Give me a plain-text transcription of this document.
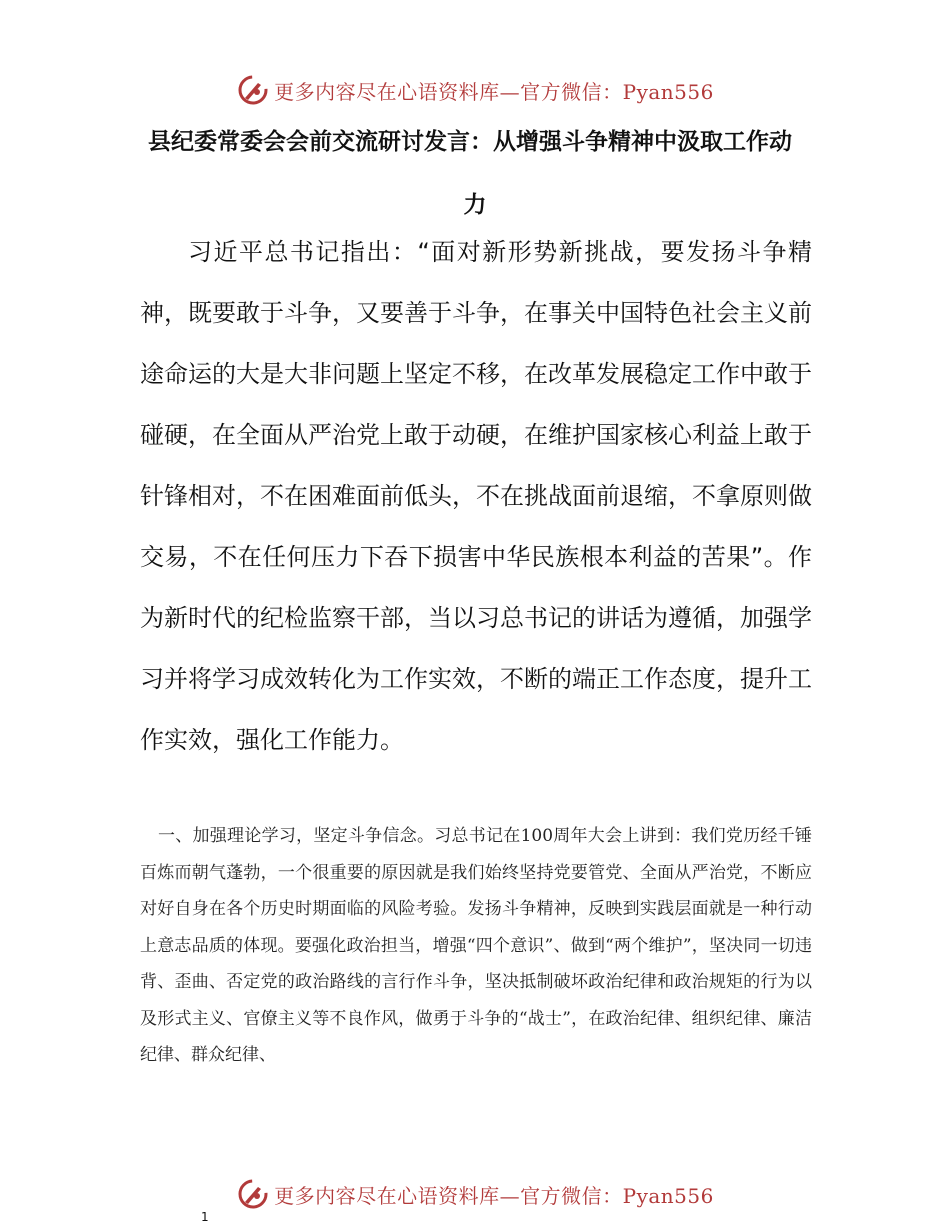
更多内容尽在心语资料库—官方微信：Pyan556
县纪委常委会会前交流研讨发言：从增强斗争精神中汲取工作动
力

习近平总书记指出：“面对新形势新挑战，要发扬斗争精神，既要敢于斗争，又要善于斗争，在事关中国特色社会主义前途命运的大是大非问题上坚定不移，在改革发展稳定工作中敢于碰硬，在全面从严治党上敢于动硬，在维护国家核心利益上敢于针锋相对，不在困难面前低头，不在挑战面前退缩，不拿原则做交易，不在任何压力下吞下损害中华民族根本利益的苦果”。作为新时代的纪检监察干部，当以习总书记的讲话为遵循，加强学习并将学习成效转化为工作实效，不断的端正工作态度，提升工作实效，强化工作能力。

一、加强理论学习，坚定斗争信念。习总书记在100周年大会上讲到：我们党历经千锤百炼而朝气蓬勃，一个很重要的原因就是我们始终坚持党要管党、全面从严治党，不断应对好自身在各个历史时期面临的风险考验。发扬斗争精神，反映到实践层面就是一种行动上意志品质的体现。要强化政治担当，增强“四个意识”、做到“两个维护”，坚决同一切违背、歪曲、否定党的政治路线的言行作斗争，坚决抵制破坏政治纪律和政治规矩的行为以及形式主义、官僚主义等不良作风，做勇于斗争的“战士”，在政治纪律、组织纪律、廉洁纪律、群众纪律、

更多内容尽在心语资料库—官方微信：Pyan556
1
